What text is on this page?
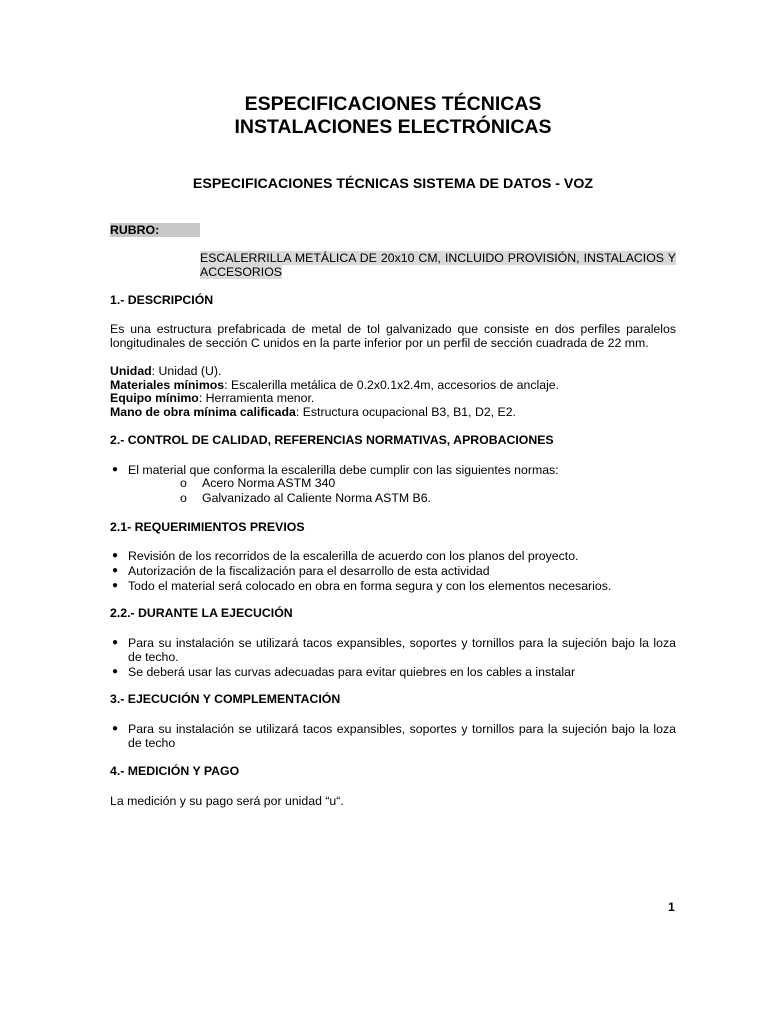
ESPECIFICACIONES TÉCNICAS
INSTALACIONES ELECTRÓNICAS
ESPECIFICACIONES TÉCNICAS SISTEMA DE DATOS - VOZ
RUBRO:
ESCALERRILLA METÁLICA DE 20x10 CM, INCLUIDO PROVISIÓN, INSTALACIOS Y ACCESORIOS
1.- DESCRIPCIÓN
Es una estructura prefabricada de metal de tol galvanizado que consiste en dos perfiles paralelos longitudinales de sección C unidos en la parte inferior por un perfil de sección cuadrada de 22 mm.
Unidad: Unidad (U).
Materiales mínimos: Escalerilla metálica de 0.2x0.1x2.4m, accesorios de anclaje.
Equipo mínimo: Herramienta menor.
Mano de obra mínima calificada: Estructura ocupacional B3, B1, D2, E2.
2.- CONTROL DE CALIDAD, REFERENCIAS NORMATIVAS, APROBACIONES
● El material que conforma la escalerilla debe cumplir con las siguientes normas:
o Acero Norma ASTM 340
o Galvanizado al Caliente Norma ASTM B6.
2.1- REQUERIMIENTOS PREVIOS
● Revisión de los recorridos de la escalerilla de acuerdo con los planos del proyecto.
● Autorización de la fiscalización para el desarrollo de esta actividad
● Todo el material será colocado en obra en forma segura y con los elementos necesarios.
2.2.- DURANTE LA EJECUCIÓN
● Para su instalación se utilizará tacos expansibles, soportes y tornillos para la sujeción bajo la loza de techo.
● Se deberá usar las curvas adecuadas para evitar quiebres en los cables a instalar
3.- EJECUCIÓN Y COMPLEMENTACIÓN
● Para su instalación se utilizará tacos expansibles, soportes y tornillos para la sujeción bajo la loza de techo
4.- MEDICIÓN Y PAGO
La medición y su pago será por unidad “u“.
1
